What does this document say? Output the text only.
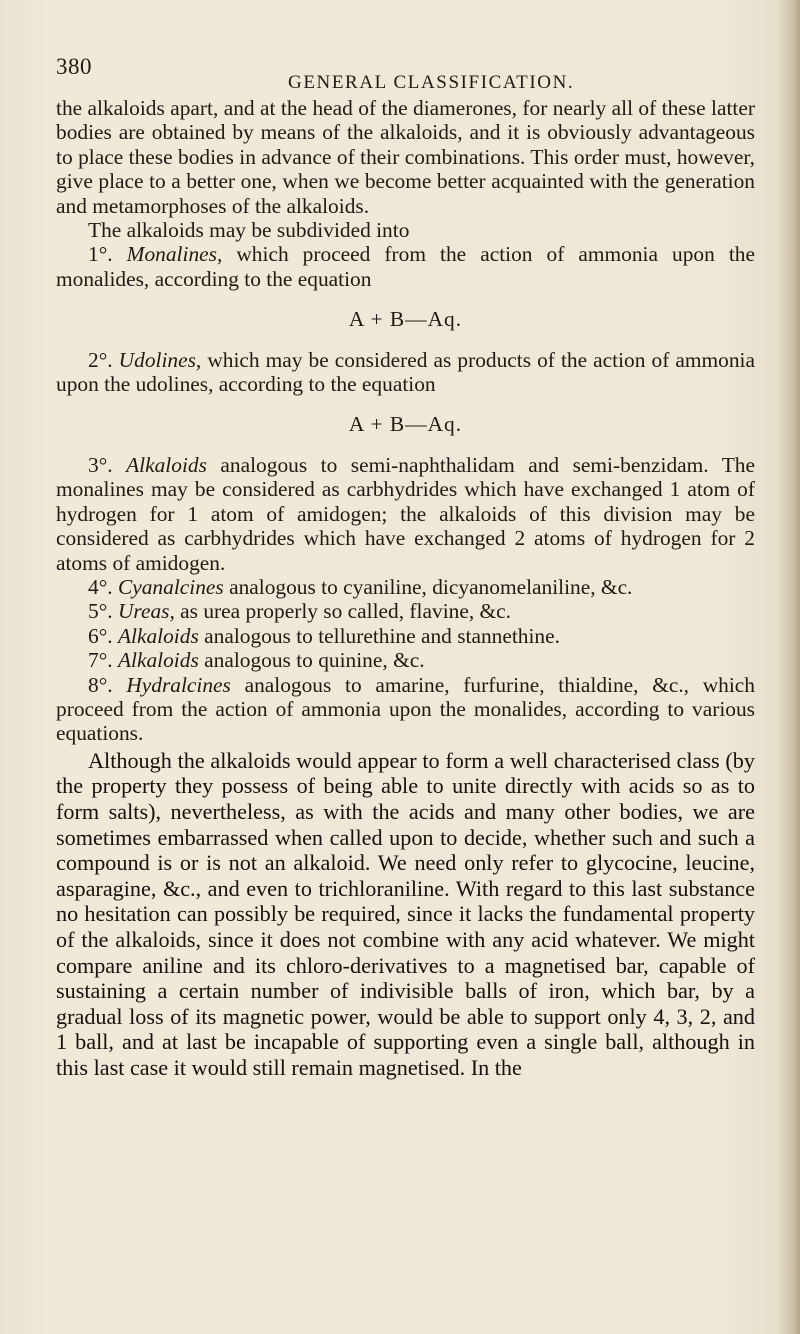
380
GENERAL CLASSIFICATION.

the alkaloids apart, and at the head of the diamerones, for nearly all of these latter bodies are obtained by means of the alkaloids, and it is obviously advantageous to place these bodies in advance of their combinations. This order must, however, give place to a better one, when we become better acquainted with the generation and metamorphoses of the alkaloids.

The alkaloids may be subdivided into

1°. Monalines, which proceed from the action of ammonia upon the monalides, according to the equation

A + B—Aq.

2°. Udolines, which may be considered as products of the action of ammonia upon the udolines, according to the equation

A + B—Aq.

3°. Alkaloids analogous to semi-naphthalidam and semi-benzidam. The monalines may be considered as carbhydrides which have exchanged 1 atom of hydrogen for 1 atom of amidogen; the alkaloids of this division may be considered as carbhydrides which have exchanged 2 atoms of hydrogen for 2 atoms of amidogen.

4°. Cyanalcines analogous to cyaniline, dicyanomelaniline, &c.

5°. Ureas, as urea properly so called, flavine, &c.

6°. Alkaloids analogous to tellurethine and stannethine.

7°. Alkaloids analogous to quinine, &c.

8°. Hydralcines analogous to amarine, furfurine, thialdine, &c., which proceed from the action of ammonia upon the monalides, according to various equations.

Although the alkaloids would appear to form a well characterised class (by the property they possess of being able to unite directly with acids so as to form salts), nevertheless, as with the acids and many other bodies, we are sometimes embarrassed when called upon to decide, whether such and such a compound is or is not an alkaloid. We need only refer to glycocine, leucine, asparagine, &c., and even to trichloraniline. With regard to this last substance no hesitation can possibly be required, since it lacks the fundamental property of the alkaloids, since it does not combine with any acid whatever. We might compare aniline and its chloro-derivatives to a magnetised bar, capable of sustaining a certain number of indivisible balls of iron, which bar, by a gradual loss of its magnetic power, would be able to support only 4, 3, 2, and 1 ball, and at last be incapable of supporting even a single ball, although in this last case it would still remain magnetised. In the
